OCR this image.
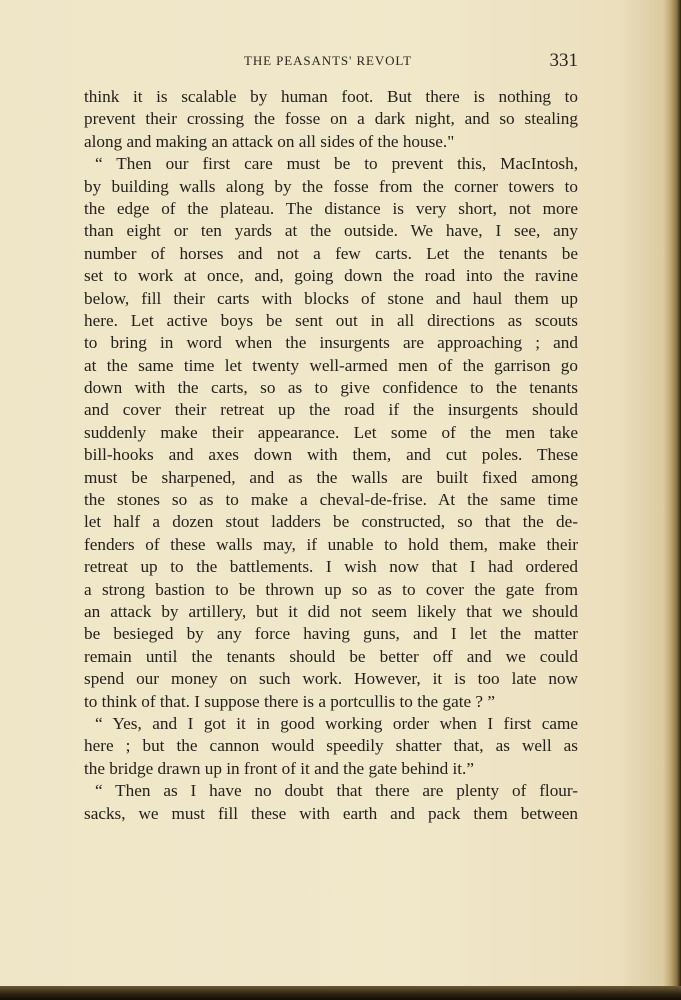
THE PEASANTS' REVOLT	331
think it is scalable by human foot. But there is nothing to
prevent their crossing the fosse on a dark night, and so stealing
along and making an attack on all sides of the house."
“ Then our first care must be to prevent this, MacIntosh,
by building walls along by the fosse from the corner towers to
the edge of the plateau. The distance is very short, not more
than eight or ten yards at the outside. We have, I see, any
number of horses and not a few carts. Let the tenants be
set to work at once, and, going down the road into the ravine
below, fill their carts with blocks of stone and haul them up
here. Let active boys be sent out in all directions as scouts
to bring in word when the insurgents are approaching ; and
at the same time let twenty well-armed men of the garrison go
down with the carts, so as to give confidence to the tenants
and cover their retreat up the road if the insurgents should
suddenly make their appearance. Let some of the men take
bill-hooks and axes down with them, and cut poles. These
must be sharpened, and as the walls are built fixed among
the stones so as to make a cheval-de-frise. At the same time
let half a dozen stout ladders be constructed, so that the de-
fenders of these walls may, if unable to hold them, make their
retreat up to the battlements. I wish now that I had ordered
a strong bastion to be thrown up so as to cover the gate from
an attack by artillery, but it did not seem likely that we should
be besieged by any force having guns, and I let the matter
remain until the tenants should be better off and we could
spend our money on such work. However, it is too late now
to think of that. I suppose there is a portcullis to the gate ? ”
“ Yes, and I got it in good working order when I first came
here ; but the cannon would speedily shatter that, as well as
the bridge drawn up in front of it and the gate behind it.”
“ Then as I have no doubt that there are plenty of flour-
sacks, we must fill these with earth and pack them between
